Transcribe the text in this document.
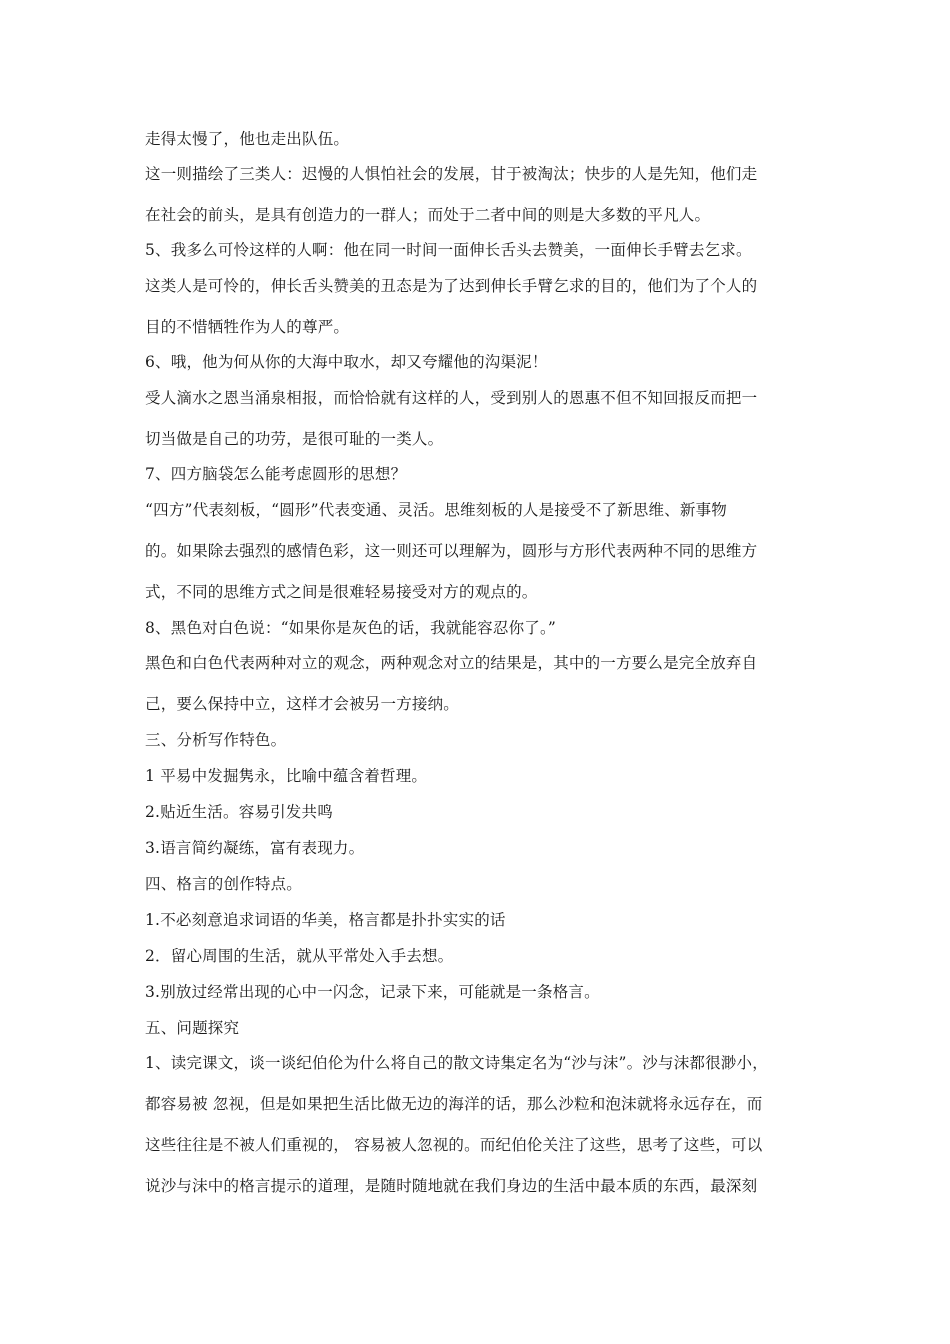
走得太慢了，他也走出队伍。
这一则描绘了三类人：迟慢的人惧怕社会的发展，甘于被淘汰；快步的人是先知，他们走
在社会的前头，是具有创造力的一群人；而处于二者中间的则是大多数的平凡人。
5、我多么可怜这样的人啊：他在同一时间一面伸长舌头去赞美，一面伸长手臂去乞求。
这类人是可怜的，伸长舌头赞美的丑态是为了达到伸长手臂乞求的目的，他们为了个人的
目的不惜牺牲作为人的尊严。
6、哦，他为何从你的大海中取水，却又夸耀他的沟渠泥！
受人滴水之恩当涌泉相报，而恰恰就有这样的人，受到别人的恩惠不但不知回报反而把一
切当做是自己的功劳，是很可耻的一类人。
7、四方脑袋怎么能考虑圆形的思想？
“四方”代表刻板，“圆形”代表变通、灵活。思维刻板的人是接受不了新思维、新事物
的。如果除去强烈的感情色彩，这一则还可以理解为，圆形与方形代表两种不同的思维方
式，不同的思维方式之间是很难轻易接受对方的观点的。
8、黑色对白色说：“如果你是灰色的话，我就能容忍你了。”
黑色和白色代表两种对立的观念，两种观念对立的结果是，其中的一方要么是完全放弃自
己，要么保持中立，这样才会被另一方接纳。
三、分析写作特色。
1 平易中发掘隽永，比喻中蕴含着哲理。
2.贴近生活。容易引发共鸣
3.语言简约凝练，富有表现力。
四、格言的创作特点。
1.不必刻意追求词语的华美，格言都是扑扑实实的话
2．留心周围的生活，就从平常处入手去想。
3.别放过经常出现的心中一闪念，记录下来，可能就是一条格言。
五、问题探究
1、读完课文，谈一谈纪伯伦为什么将自己的散文诗集定名为“沙与沫”。沙与沫都很渺小，
都容易被 忽视，但是如果把生活比做无边的海洋的话，那么沙粒和泡沫就将永远存在，而
这些往往是不被人们重视的， 容易被人忽视的。而纪伯伦关注了这些，思考了这些，可以
说沙与沫中的格言提示的道理，是随时随地就在我们身边的生活中最本质的东西，最深刻
